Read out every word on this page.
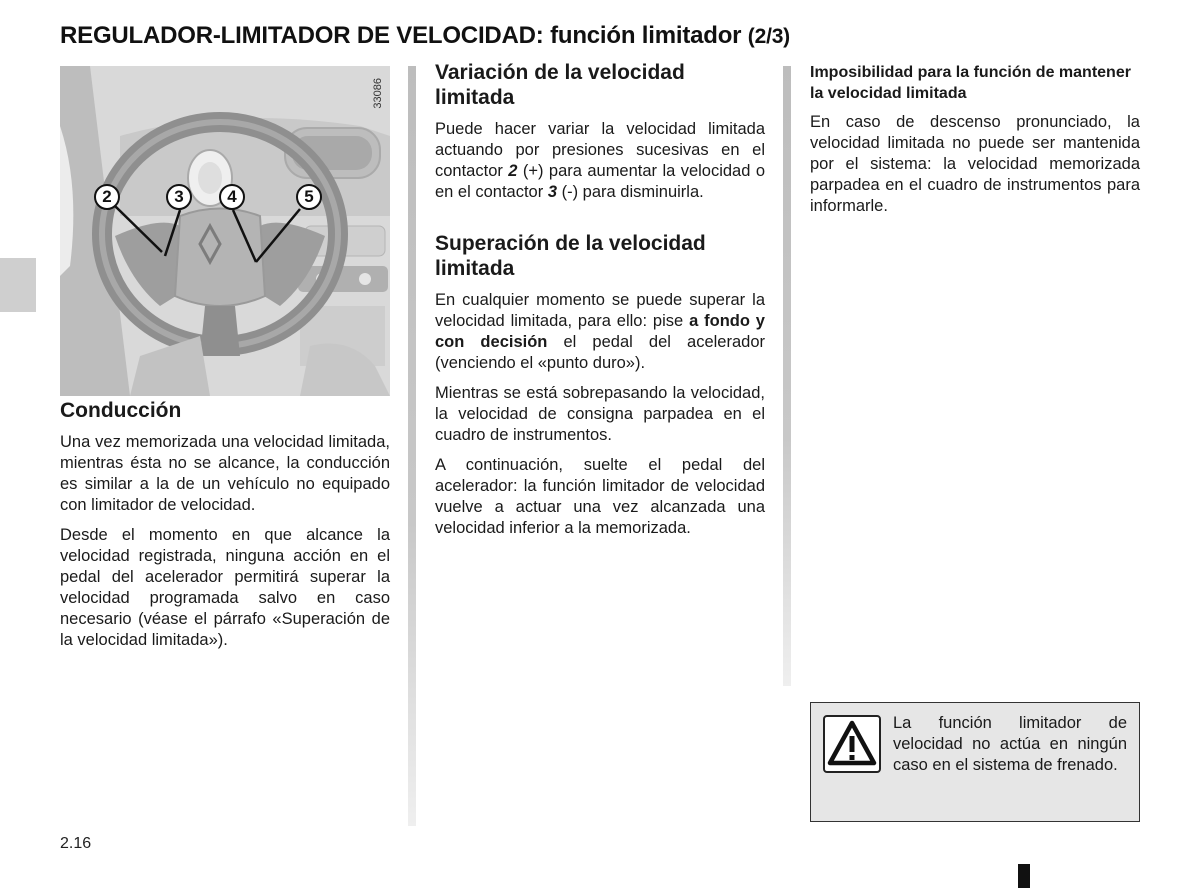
REGULADOR-LIMITADOR DE VELOCIDAD: función limitador (2/3)
33086
2	3	4	5
Conducción

Una vez memorizada una velocidad limitada, mientras ésta no se alcance, la conducción es similar a la de un vehículo no equipado con limitador de velocidad.

Desde el momento en que alcance la velocidad registrada, ninguna acción en el pedal del acelerador permitirá superar la velocidad programada salvo en caso necesario (véase el párrafo «Superación de la velocidad limitada»).

Variación de la velocidad limitada

Puede hacer variar la velocidad limitada actuando por presiones sucesivas en el contactor 2 (+) para aumentar la velocidad o en el contactor 3 (-) para disminuirla.

Superación de la velocidad limitada

En cualquier momento se puede superar la velocidad limitada, para ello: pise a fondo y con decisión el pedal del acelerador (venciendo el «punto duro»).

Mientras se está sobrepasando la velocidad, la velocidad de consigna parpadea en el cuadro de instrumentos.

A continuación, suelte el pedal del acelerador: la función limitador de velocidad vuelve a actuar una vez alcanzada una velocidad inferior a la memorizada.

Imposibilidad para la función de mantener la velocidad limitada

En caso de descenso pronunciado, la velocidad limitada no puede ser mantenida por el sistema: la velocidad memorizada parpadea en el cuadro de instrumentos para informarle.

La función limitador de velocidad no actúa en ningún caso en el sistema de frenado.

2.16
